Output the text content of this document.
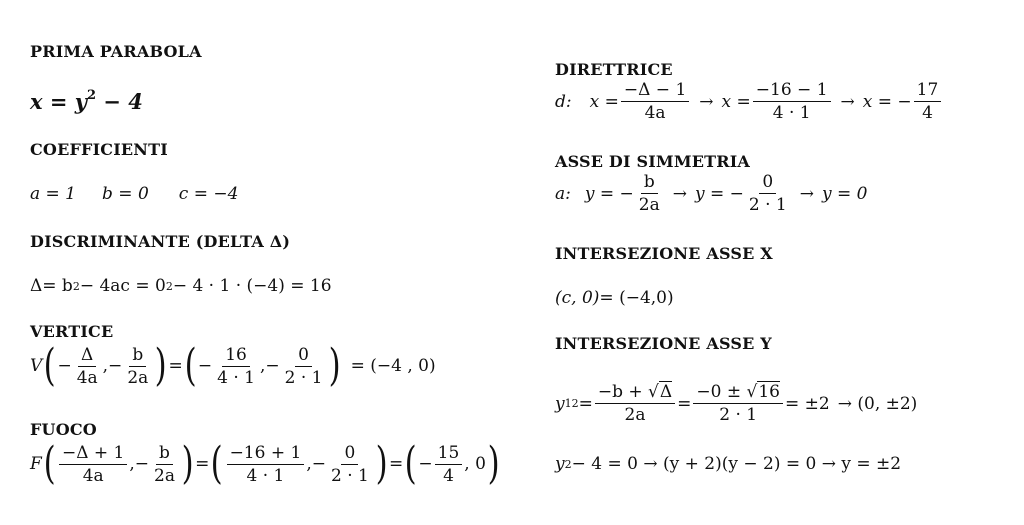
PRIMA PARABOLA
$x = y^2 - 4$
COEFFICIENTI
a = 1 b = 0 c = −4
DISCRIMINANTE (DELTA Δ)
Δ= b 2 − 4ac = 0 2 − 4 · 1 · (−4) = 16
VERTICE
V ( − $\frac{\Delta}{4a}$ ,− $\frac{b}{2a}$ ) = ( − $\frac{16}{4 \cdot 1}$ ,− $\frac{0}{2 \cdot 1}$ ) = (−4 , 0)
FUOCO
F ( $\frac{-\Delta + 1}{4a}$ ,− $\frac{b}{2a}$ ) = ( $\frac{-16 + 1}{4 \cdot 1}$ ,− $\frac{0}{2 \cdot 1}$ ) = ( − $\frac{15}{4}$ , 0 )
DIRETTRICE
d: $x = \frac{-\Delta - 1}{4a} \to x = \frac{-16 - 1}{4 \cdot 1} \to x$ = − $\frac{17}{4}$
ASSE DI SIMMETRIA
a: y = − $\frac{b}{2a} \to y$ = − $\frac{0}{2 \cdot 1} \to y = 0$
INTERSEZIONE ASSE X
(c, 0) = (−4,0)
INTERSEZIONE ASSE Y
y $12 = \frac{-b + √\Delta}{2a} = \frac{-0 \pm √16}{2 \cdot 1} = \pm 2 \to (0$, ±2)
y 2 − 4 = 0 → (y + 2)(y − 2) = 0 → y = ±2
